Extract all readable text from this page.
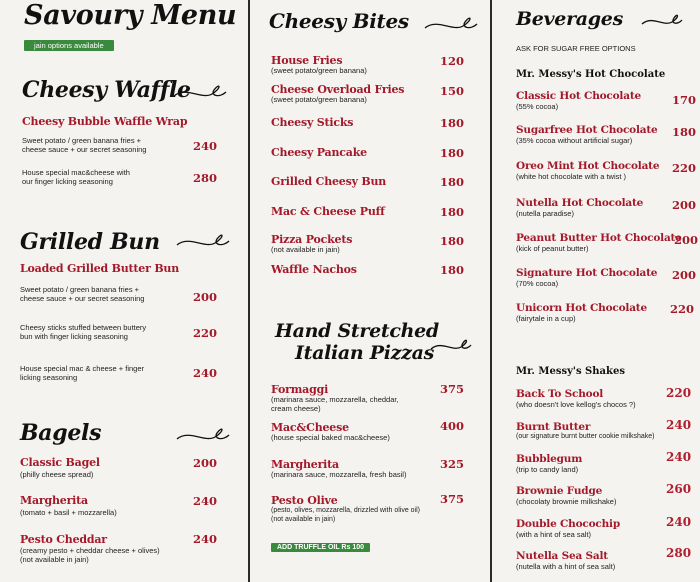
Savoury Menu
jain options available
Cheesy Waffle
Cheesy Bubble Waffle Wrap
Sweet potato / green banana fries +
cheese sauce + our secret seasoning	240
House special mac&cheese with
our finger licking seasoning	280
Grilled Bun
Loaded Grilled Butter Bun
Sweet potato / green banana fries +
cheese sauce + our secret seasoning	200
Cheesy sticks stuffed between buttery
bun with finger licking seasoning	220
House special mac & cheese + finger
licking seasoning	240
Bagels
Classic Bagel
(philly cheese spread)
200
Margherita
(tomato + basil + mozzarella)
240
Pesto Cheddar
(creamy pesto + cheddar cheese + olives)
(not available in jain)
240
Cheesy Bites
House Fries
(sweet potato/green banana)
120
Cheese Overload Fries
(sweet potato/green banana)
150
Cheesy Sticks	180
Cheesy Pancake	180
Grilled Cheesy Bun	180
Mac & Cheese Puff	180
Pizza Pockets
(not available in jain)
180
Waffle Nachos	180
Hand Stretched
Italian Pizzas
Formaggi
(marinara sauce, mozzarella, cheddar,
cream cheese)
375
Mac&Cheese
(house special baked mac&cheese)
400
Margherita
(marinara sauce, mozzarella, fresh basil)
325
Pesto Olive
(pesto, olives, mozzarella, drizzled with olive oil)
(not available in jain)
375
ADD TRUFFLE OIL Rs 100
Beverages
ASK FOR SUGAR FREE OPTIONS
Mr. Messy's Hot Chocolate
Classic Hot Chocolate
(55% cocoa)	170
Sugarfree Hot Chocolate
(35% cocoa without artificial sugar)
180
Oreo Mint Hot Chocolate
(white hot chocolate with a twist )
220
Nutella Hot Chocolate
(nutella paradise)
200
Peanut Butter Hot Chocolate
(kick of peanut butter)
200
Signature Hot Chocolate
(70% cocoa)
200
Unicorn Hot Chocolate
(fairytale in a cup)
220
Mr. Messy's Shakes
Back To School
(who doesn't love kellog's chocos ?)
220
Burnt Butter
(our signature burnt butter cookie milkshake)
240
Bubblegum
(trip to candy land)
240
Brownie Fudge
(chocolaty brownie milkshake)
260
Double Chocochip
(with a hint of sea salt)
240
Nutella Sea Salt
(nutella with a hint of sea salt)
280
